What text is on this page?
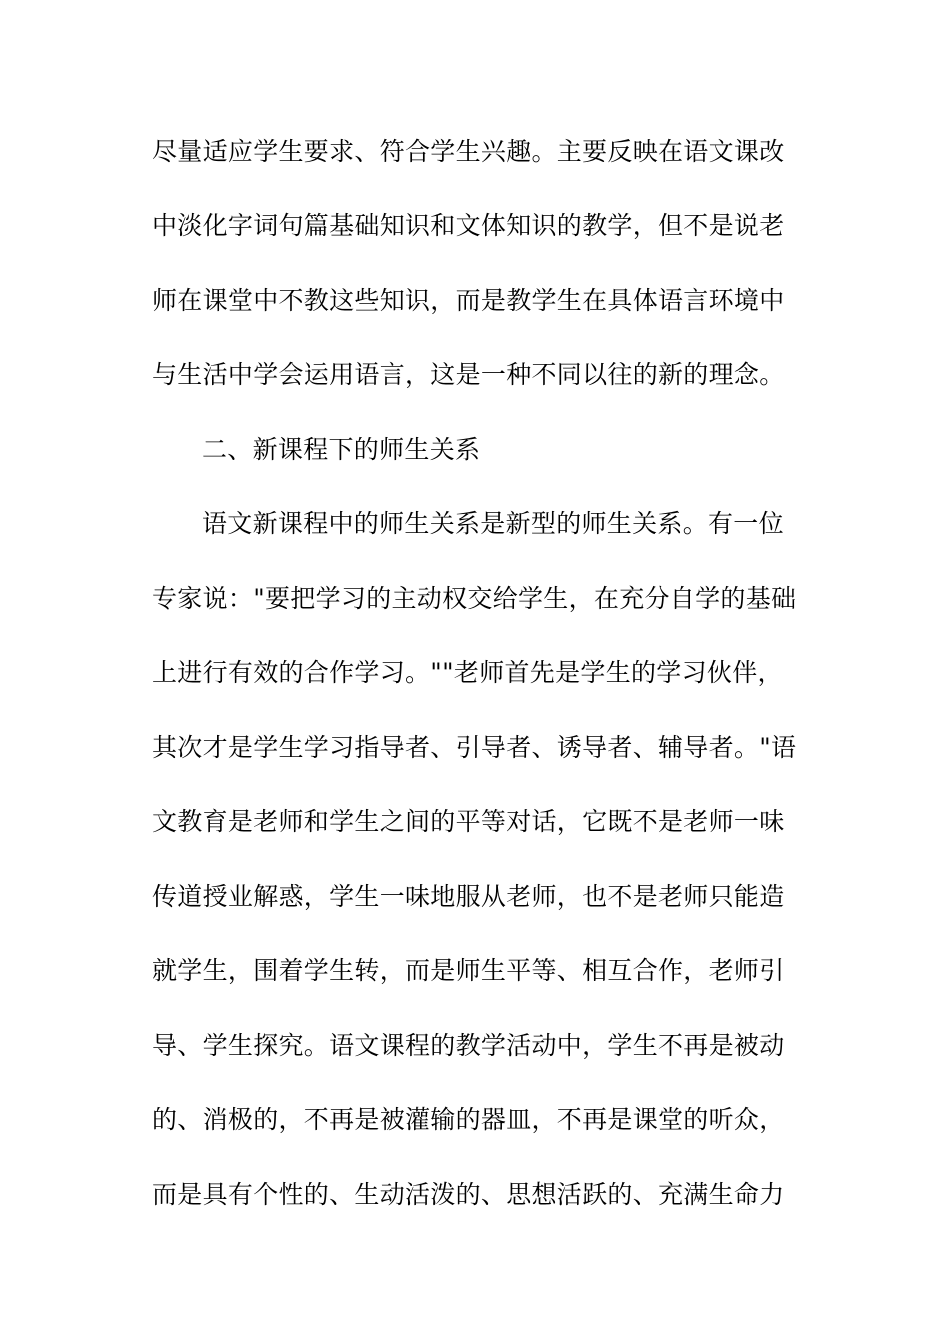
尽量适应学生要求、符合学生兴趣。主要反映在语文课改
中淡化字词句篇基础知识和文体知识的教学，但不是说老
师在课堂中不教这些知识，而是教学生在具体语言环境中
与生活中学会运用语言，这是一种不同以往的新的理念。
二、新课程下的师生关系
语文新课程中的师生关系是新型的师生关系。有一位
专家说："要把学习的主动权交给学生，在充分自学的基础
上进行有效的合作学习。""老师首先是学生的学习伙伴，
其次才是学生学习指导者、引导者、诱导者、辅导者。"语
文教育是老师和学生之间的平等对话，它既不是老师一味
传道授业解惑，学生一味地服从老师，也不是老师只能造
就学生，围着学生转，而是师生平等、相互合作，老师引
导、学生探究。语文课程的教学活动中，学生不再是被动
的、消极的，不再是被灌输的器皿，不再是课堂的听众，
而是具有个性的、生动活泼的、思想活跃的、充满生命力
